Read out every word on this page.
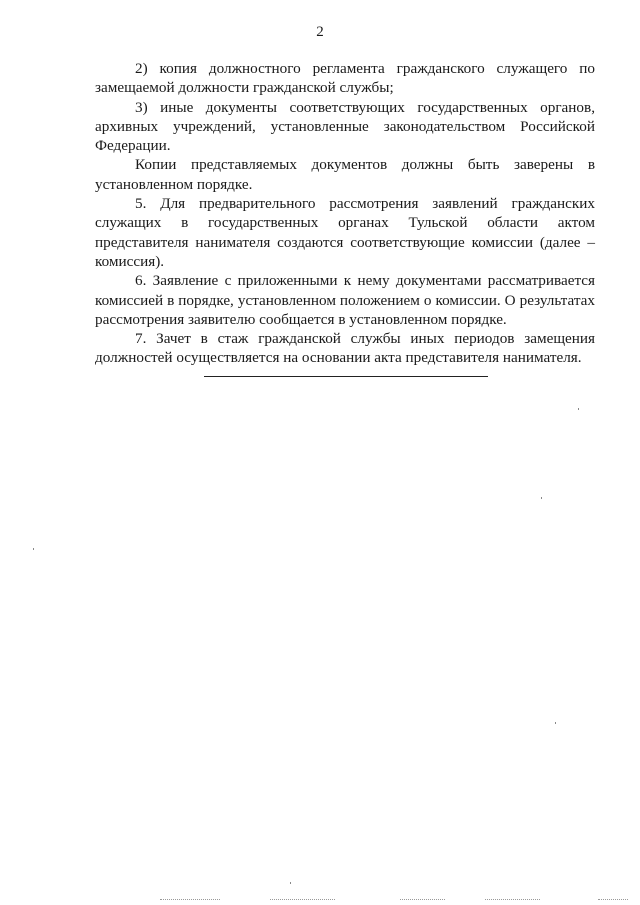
2

2) копия должностного регламента гражданского служащего по замещаемой должности гражданской службы;

3) иные документы соответствующих государственных органов, архивных учреждений, установленные законодательством Российской Федерации.

Копии представляемых документов должны быть заверены в установленном порядке.

5. Для предварительного рассмотрения заявлений гражданских служащих в государственных органах Тульской области актом представителя нанимателя создаются соответствующие комиссии (далее – комиссия).

6. Заявление с приложенными к нему документами рассматривается комиссией в порядке, установленном положением о комиссии. О результатах рассмотрения заявителю сообщается в установленном порядке.

7. Зачет в стаж гражданской службы иных периодов замещения должностей осуществляется на основании акта представителя нанимателя.
